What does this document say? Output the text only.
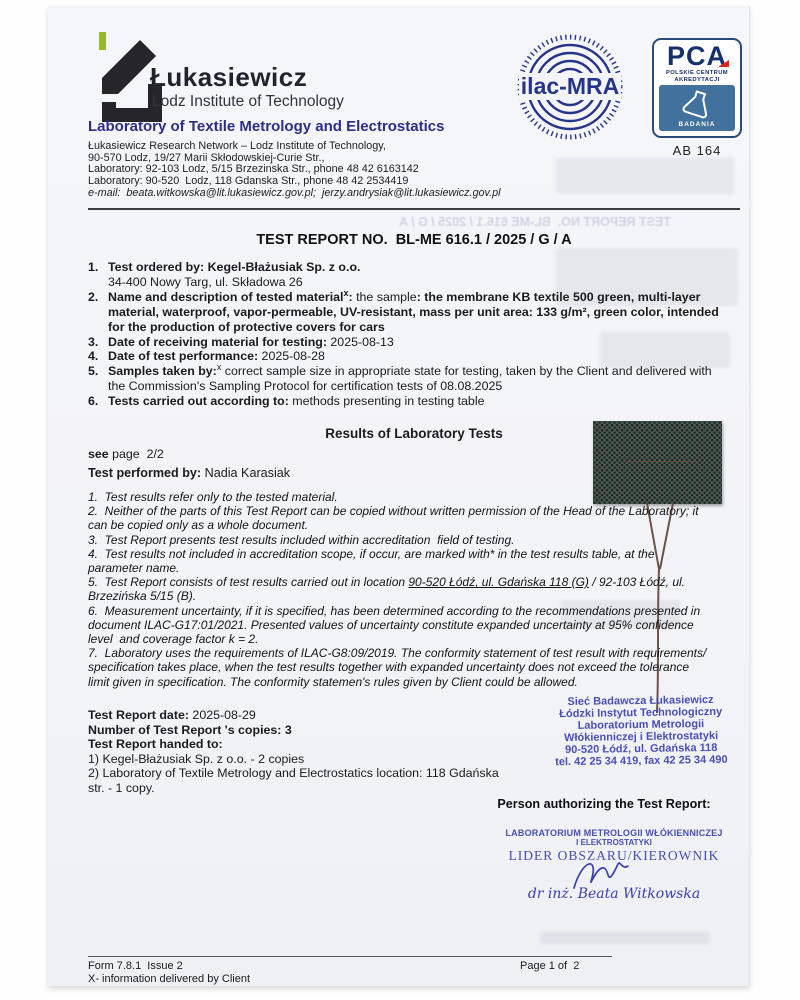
TEST REPORT NO.  BL-ME 616.1 / 2025 / G / A
Łukasiewicz
Lodz Institute of Technology
ilac-MRA
PCA
POLSKIE CENTRUM
AKREDYTACJI
BADANIA
AB 164
Laboratory of Textile Metrology and Electrostatics
Łukasiewicz Research Network – Lodz Institute of Technology,
90-570 Lodz, 19/27 Marii Skłodowskiej-Curie Str.,
Laboratory: 92-103 Lodz, 5/15 Brzezinska Str., phone 48 42 6163142
Laboratory: 90-520  Lodz, 118 Gdanska Str., phone 48 42 2534419
e-mail:  beata.witkowska@lit.lukasiewicz.gov.pl;  jerzy.andrysiak@lit.lukasiewicz.gov.pl
TEST REPORT NO.  BL-ME 616.1 / 2025 / G / A
1. Test ordered by: Kegel-Błażusiak Sp. z o.o.
34-400 Nowy Targ, ul. Składowa 26
2. Name and description of tested material$^x$: the sample: the membrane KB textile 500 green, multi-layer material, waterproof, vapor-permeable, UV-resistant, mass per unit area: 133 g/m², green color, intended for the production of protective covers for cars
3. Date of receiving material for testing: 2025-08-13
4. Date of test performance: 2025-08-28
5. Samples taken by:$^x$ correct sample size in appropriate state for testing, taken by the Client and delivered with the Commission's Sampling Protocol for certification tests of 08.08.2025
6. Tests carried out according to: methods presenting in testing table
Results of Laboratory Tests
see page  2/2
Test performed by: Nadia Karasiak

1.  Test results refer only to the tested material.

2.  Neither of the parts of this Test Report can be copied without written permission of the Head of the Laboratory; it can be copied only as a whole document.

3.  Test Report presents test results included within accreditation  field of testing.

4.  Test results not included in accreditation scope, if occur, are marked with* in the test results table, at the parameter name.

5.  Test Report consists of test results carried out in location 90-520 Łódź, ul. Gdańska 118 (G) / 92-103 Łódź, ul. Brzezińska 5/15 (B).

6.  Measurement uncertainty, if it is specified, has been determined according to the recommendations presented in document ILAC-G17:01/2021. Presented values of uncertainty constitute expanded uncertainty at 95% confidence level  and coverage factor k = 2.

7.  Laboratory uses the requirements of ILAC-G8:09/2019. The conformity statement of test result with requirements/ specification takes place, when the test results together with expanded uncertainty does not exceed the tolerance limit given in specification. The conformity statemen's rules given by Client could be allowed.

Test Report date: 2025-08-29
Number of Test Report 's copies: 3
Test Report handed to:
1) Kegel-Błażusiak Sp. z o.o. - 2 copies
2) Laboratory of Textile Metrology and Electrostatics location: 118 Gdańska str. - 1 copy.
Sieć Badawcza Łukasiewicz
Łódzki Instytut Technologiczny
Laboratorium Metrologii
Włókienniczej i Elektrostatyki
90-520 Łódź, ul. Gdańska 118
tel. 42 25 34 419, fax 42 25 34 490
Person authorizing the Test Report:
LABORATORIUM METROLOGII WŁÓKIENNICZEJ
I ELEKTROSTATYKI
LIDER OBSZARU/KIEROWNIK
dr inż. Beata Witkowska
Form 7.8.1  Issue 2	Page 1 of  2
X- information delivered by Client
